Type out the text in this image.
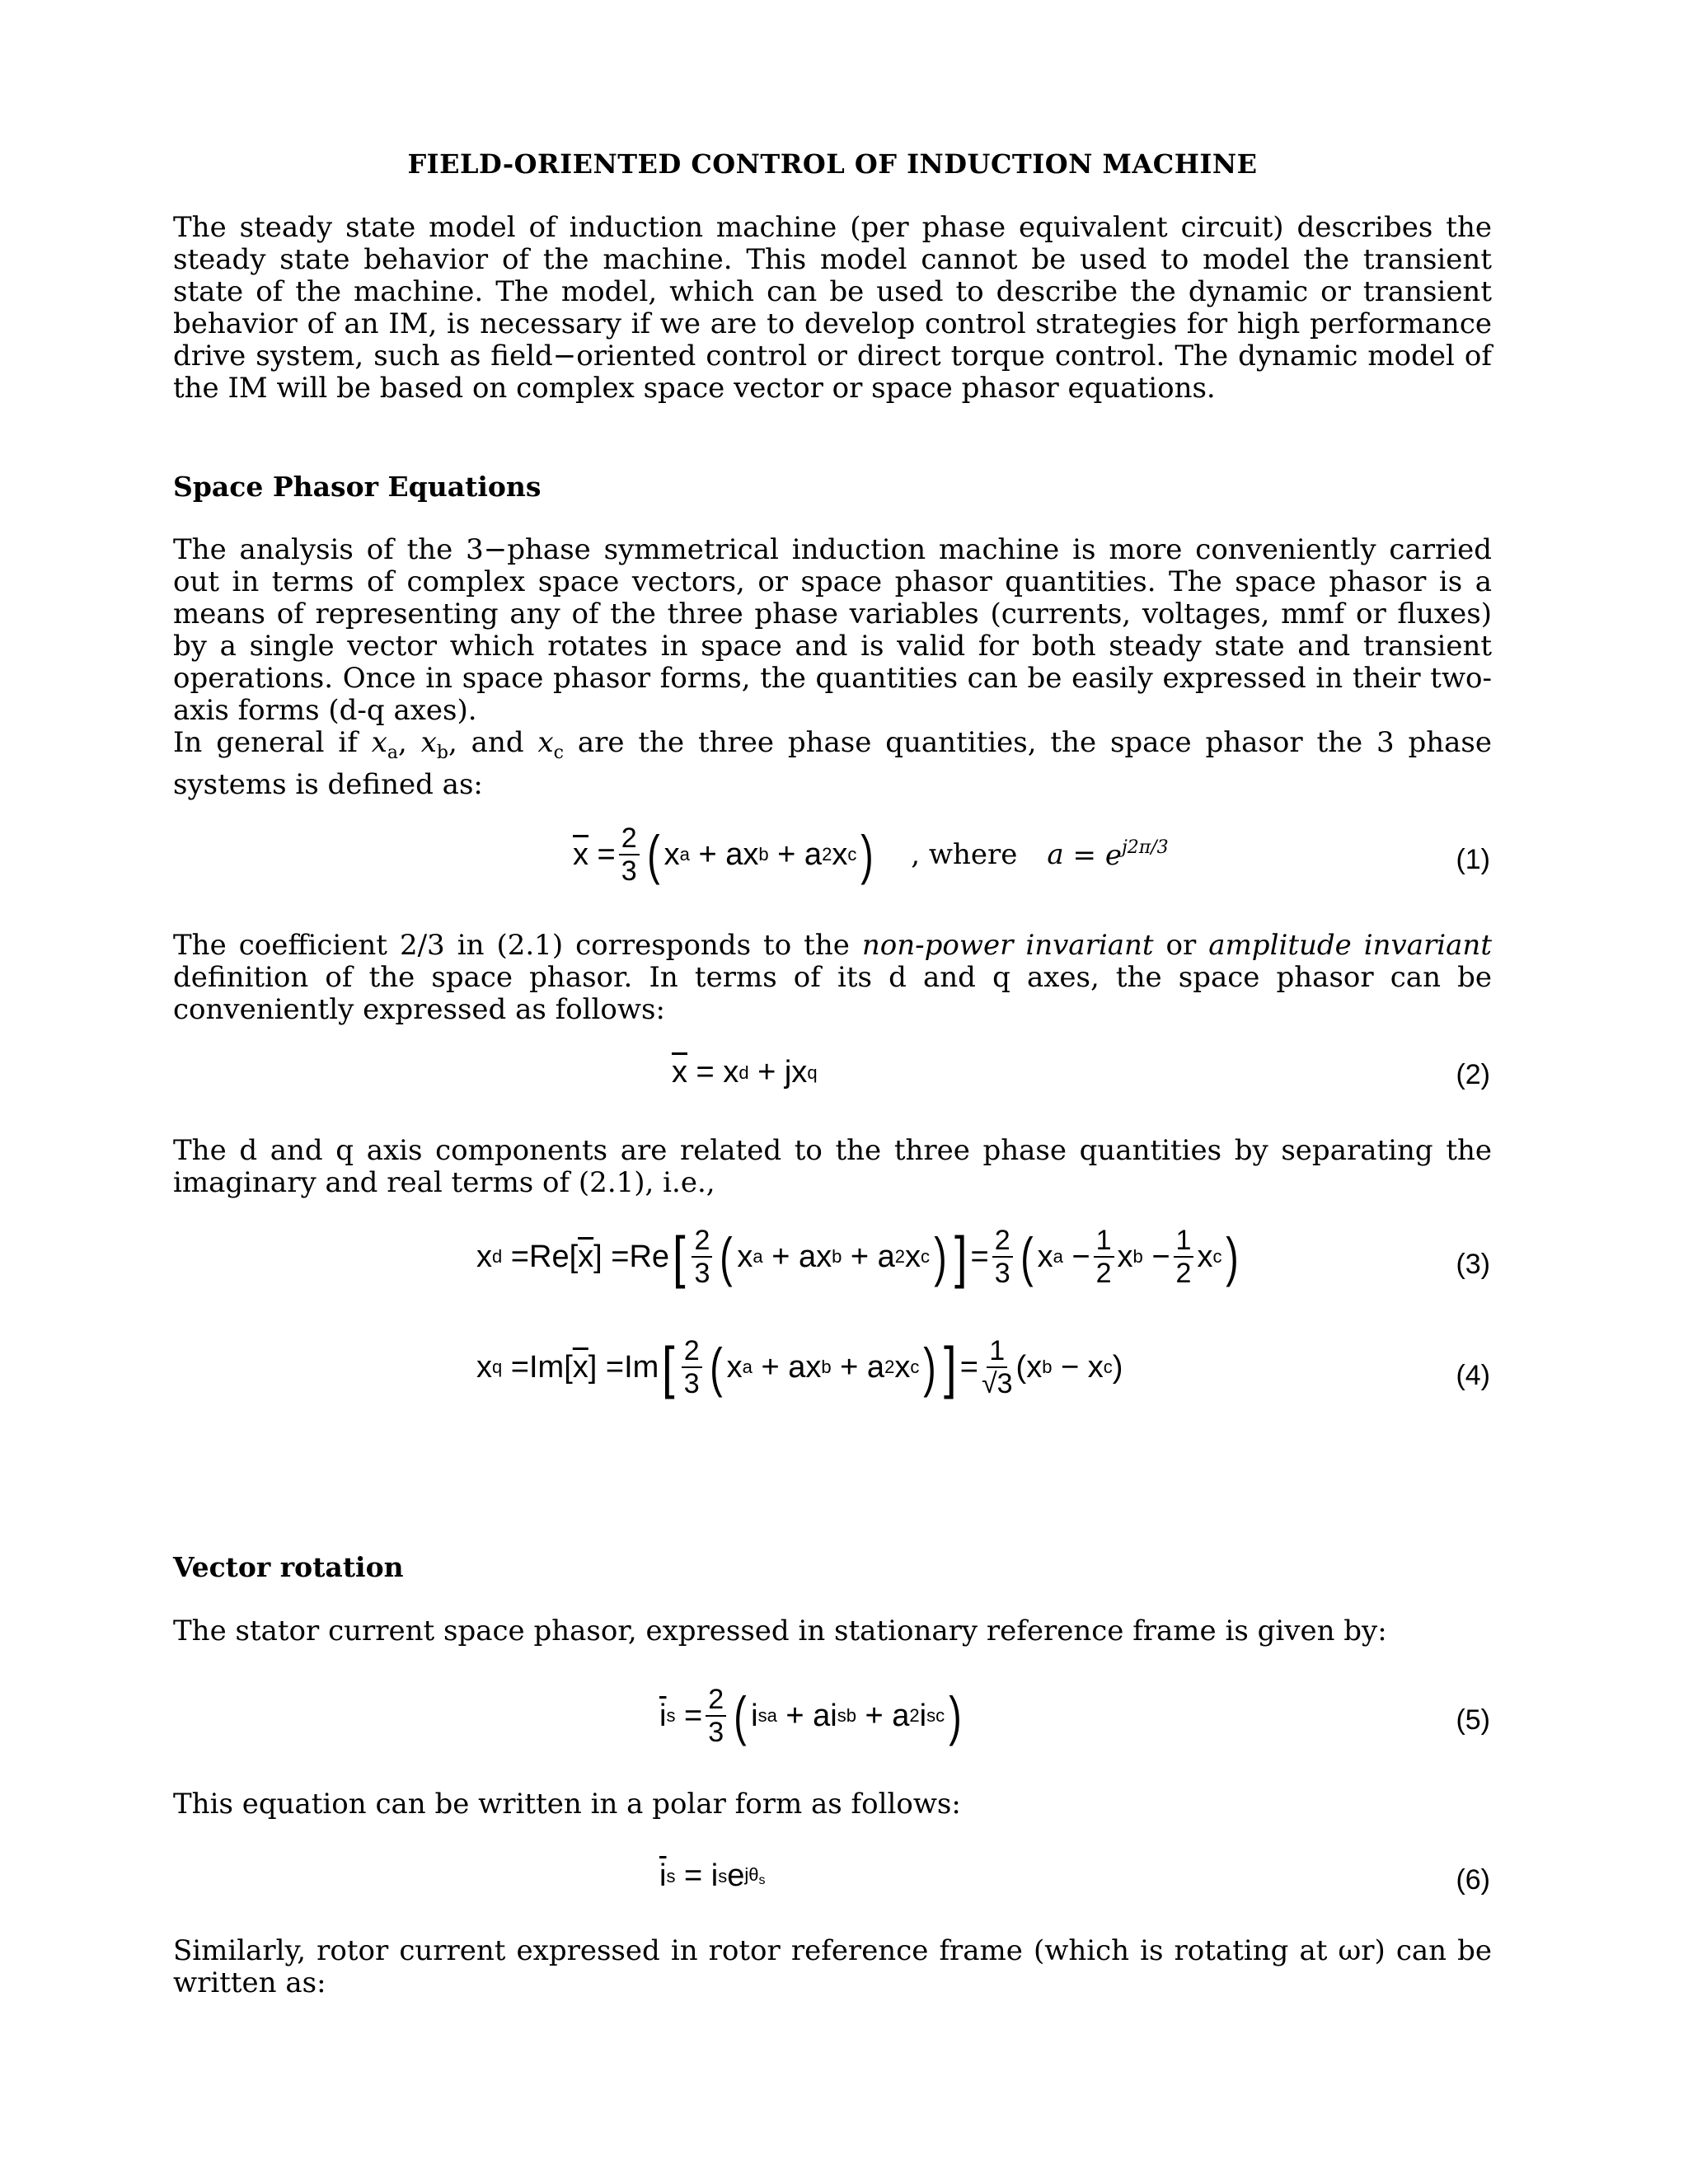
FIELD-ORIENTED CONTROL OF INDUCTION MACHINE

The steady state model of induction machine (per phase equivalent circuit) describes the steady state behavior of the machine. This model cannot be used to model the transient state of the machine. The model, which can be used to describe the dynamic or transient behavior of an IM, is necessary if we are to develop control strategies for high performance drive system, such as field−oriented control or direct torque control. The dynamic model of the IM will be based on complex space vector or space phasor equations.

Space Phasor Equations

The analysis of the 3−phase symmetrical induction machine is more conveniently carried out in terms of complex space vectors, or space phasor quantities. The space phasor is a means of representing any of the three phase variables (currents, voltages, mmf or fluxes) by a single vector which rotates in space and is valid for both steady state and transient operations. Once in space phasor forms, the quantities can be easily expressed in their two-axis forms (d-q axes).

In general if $x_a$, $x_b$, and $x_c$ are the three phase quantities, the space phasor the 3 phase systems is defined as:

$\overline{x} = \frac{2}{3}$ ( x a + ax b + a 2 x c ) , where $a = e^{j2\pi/3}$	(1)

The coefficient 2/3 in (2.1) corresponds to the non-power invariant or amplitude invariant definition of the space phasor. In terms of its d and q axes, the space phasor can be conveniently expressed as follows:

$\overline{x} = x$ d + jx q	(2)

The d and q axis components are related to the three phase quantities by separating the imaginary and real terms of (2.1), i.e.,

x d = Re [ $\overline{x}$ ] = Re [ $\frac{2}{3}$ ( x a + ax b + a 2 x c ) ] = $\frac{2}{3}$ ( x $a - \frac{1}{2}$ x $b - \frac{1}{2}$ x c )	(3)
x q = Im [ $\overline{x}$ ] = Im [ $\frac{2}{3}$ ( x a + ax b + a 2 x c ) ] = $\frac{1}{√3} (x$ b − x c )	(4)
Vector rotation

The stator current space phasor, expressed in stationary reference frame is given by:

$\overline{i}$ $s = \frac{2}{3}$ ( i sa + ai sb + a 2 i sc )	(5)

This equation can be written in a polar form as follows:

$\overline{i}$ s = i s e $j\theta_s$	(6)

Similarly, rotor current expressed in rotor reference frame (which is rotating at ωr) can be written as:
